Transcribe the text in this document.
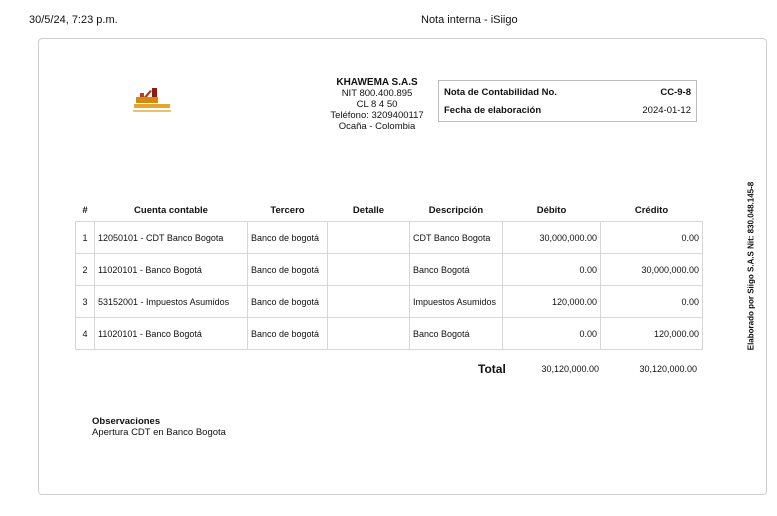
30/5/24, 7:23 p.m.	Nota interna - iSiigo
KHAWEMA S.A.S
NIT 800.400.895
CL 8 4 50
Teléfono: 3209400117
Ocaña - Colombia
Nota de Contabilidad No.	CC-9-8
Fecha de elaboración	2024-01-12
#	Cuenta contable	Tercero	Detalle	Descripción	Débito	Crédito
1	12050101 - CDT Banco Bogota	Banco de bogotá		CDT Banco Bogota	30,000,000.00	0.00
2	11020101 - Banco Bogotá	Banco de bogotá		Banco Bogotá	0.00	30,000,000.00
3	53152001 - Impuestos Asumidos	Banco de bogotá		Impuestos Asumidos	120,000.00	0.00
4	11020101 - Banco Bogotá	Banco de bogotá		Banco Bogotá	0.00	120,000.00
Total	30,120,000.00	30,120,000.00
Observaciones
Apertura CDT en Banco Bogota
Elaborado por Siigo S.A.S Nit: 830.048.145-8
